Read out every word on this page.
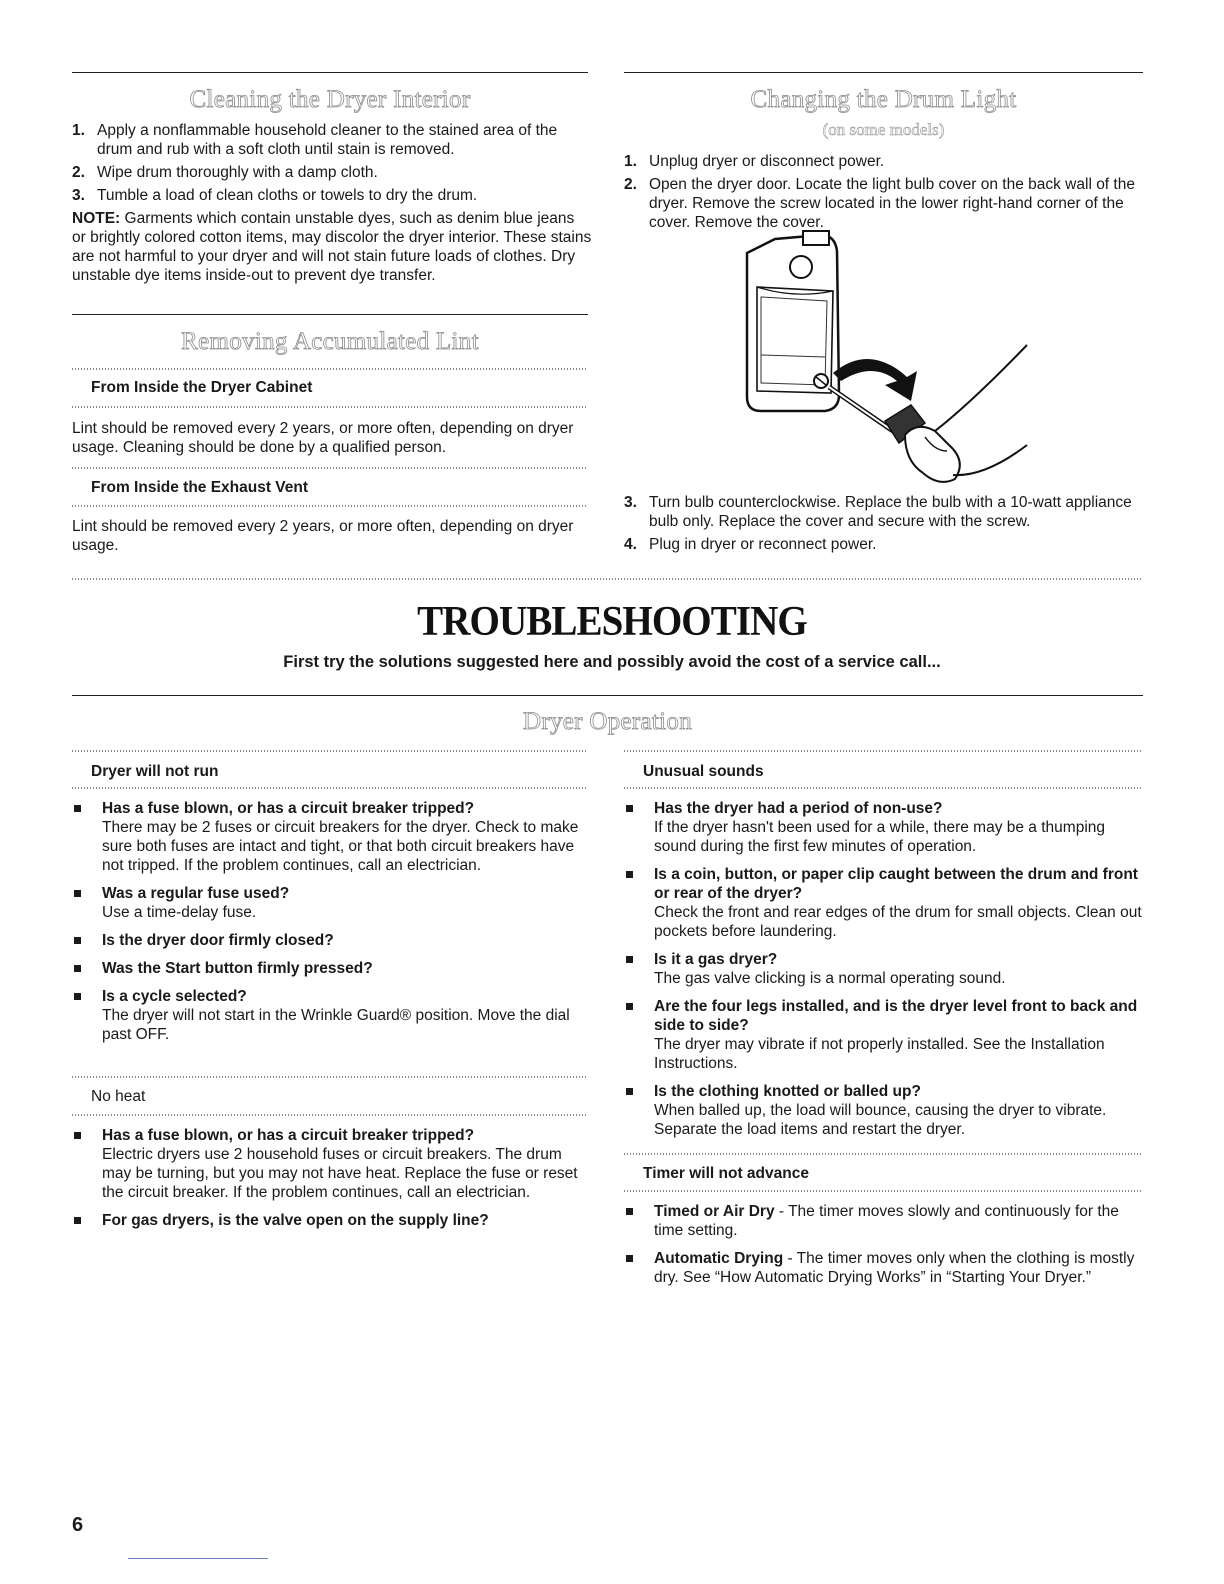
Cleaning the Dryer Interior
1. Apply a nonflammable household cleaner to the stained area of the drum and rub with a soft cloth until stain is removed.
2. Wipe drum thoroughly with a damp cloth.
3. Tumble a load of clean cloths or towels to dry the drum.
NOTE: Garments which contain unstable dyes, such as denim blue jeans or brightly colored cotton items, may discolor the dryer interior. These stains are not harmful to your dryer and will not stain future loads of clothes. Dry unstable dye items inside-out to prevent dye transfer.
Removing Accumulated Lint
From Inside the Dryer Cabinet
Lint should be removed every 2 years, or more often, depending on dryer usage. Cleaning should be done by a qualified person.
From Inside the Exhaust Vent
Lint should be removed every 2 years, or more often, depending on dryer usage.
Changing the Drum Light
(on some models)
1. Unplug dryer or disconnect power.
2. Open the dryer door. Locate the light bulb cover on the back wall of the dryer. Remove the screw located in the lower right-hand corner of the cover. Remove the cover.
3. Turn bulb counterclockwise. Replace the bulb with a 10-watt appliance bulb only. Replace the cover and secure with the screw.
4. Plug in dryer or reconnect power.
TROUBLESHOOTING
First try the solutions suggested here and possibly avoid the cost of a service call...
Dryer Operation
Dryer will not run
Has a fuse blown, or has a circuit breaker tripped?
There may be 2 fuses or circuit breakers for the dryer. Check to make sure both fuses are intact and tight, or that both circuit breakers have not tripped. If the problem continues, call an electrician.
Was a regular fuse used?
Use a time-delay fuse.
Is the dryer door firmly closed?
Was the Start button firmly pressed?
Is a cycle selected?
The dryer will not start in the Wrinkle Guard® position. Move the dial past OFF.
No heat
Has a fuse blown, or has a circuit breaker tripped?
Electric dryers use 2 household fuses or circuit breakers. The drum may be turning, but you may not have heat. Replace the fuse or reset the circuit breaker. If the problem continues, call an electrician.
For gas dryers, is the valve open on the supply line?
Unusual sounds
Has the dryer had a period of non-use?
If the dryer hasn't been used for a while, there may be a thumping sound during the first few minutes of operation.
Is a coin, button, or paper clip caught between the drum and front or rear of the dryer?
Check the front and rear edges of the drum for small objects. Clean out pockets before laundering.
Is it a gas dryer?
The gas valve clicking is a normal operating sound.
Are the four legs installed, and is the dryer level front to back and side to side?
The dryer may vibrate if not properly installed. See the Installation Instructions.
Is the clothing knotted or balled up?
When balled up, the load will bounce, causing the dryer to vibrate. Separate the load items and restart the dryer.
Timer will not advance
Timed or Air Dry - The timer moves slowly and continuously for the time setting.
Automatic Drying - The timer moves only when the clothing is mostly dry. See “How Automatic Drying Works” in “Starting Your Dryer.”
6
